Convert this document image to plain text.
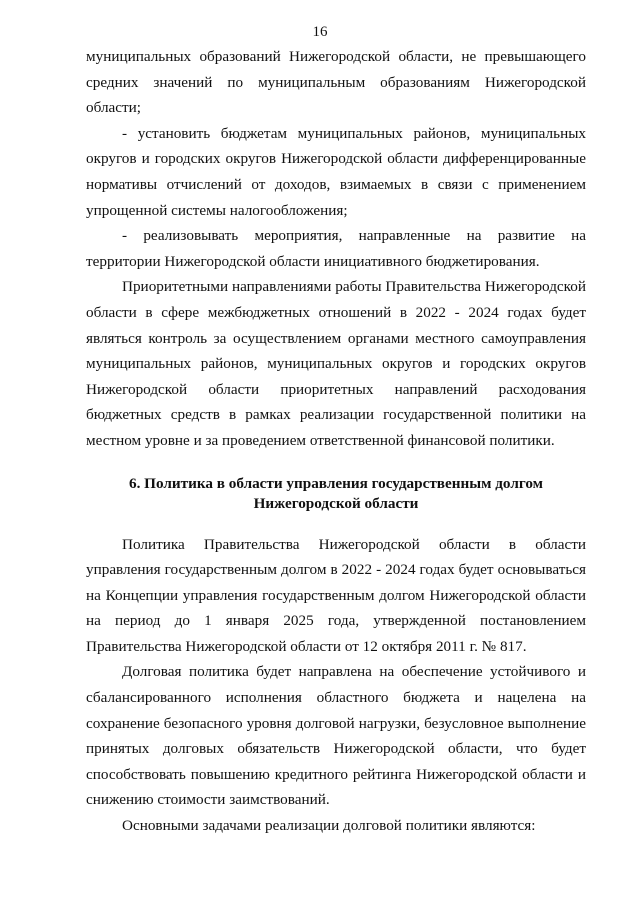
16

муниципальных образований Нижегородской области, не превышающего средних значений по муниципальным образованиям Нижегородской области;

- установить бюджетам муниципальных районов, муниципальных округов и городских округов Нижегородской области дифференцированные нормативы отчислений от доходов, взимаемых в связи с применением упрощенной системы налогообложения;

- реализовывать мероприятия, направленные на развитие на территории Нижегородской области инициативного бюджетирования.

Приоритетными направлениями работы Правительства Нижегородской области в сфере межбюджетных отношений в 2022 - 2024 годах будет являться контроль за осуществлением органами местного самоуправления муниципальных районов, муниципальных округов и городских округов Нижегородской области приоритетных направлений расходования бюджетных средств в рамках реализации государственной политики на местном уровне и за проведением ответственной финансовой политики.

6. Политика в области управления государственным долгом
Нижегородской области

Политика Правительства Нижегородской области в области управления государственным долгом в 2022 - 2024 годах будет основываться на Концепции управления государственным долгом Нижегородской области на период до 1 января 2025 года, утвержденной постановлением Правительства Нижегородской области от 12 октября 2011 г. № 817.

Долговая политика будет направлена на обеспечение устойчивого и сбалансированного исполнения областного бюджета и нацелена на сохранение безопасного уровня долговой нагрузки, безусловное выполнение принятых долговых обязательств Нижегородской области, что будет способствовать повышению кредитного рейтинга Нижегородской области и снижению стоимости заимствований.

Основными задачами реализации долговой политики являются:
